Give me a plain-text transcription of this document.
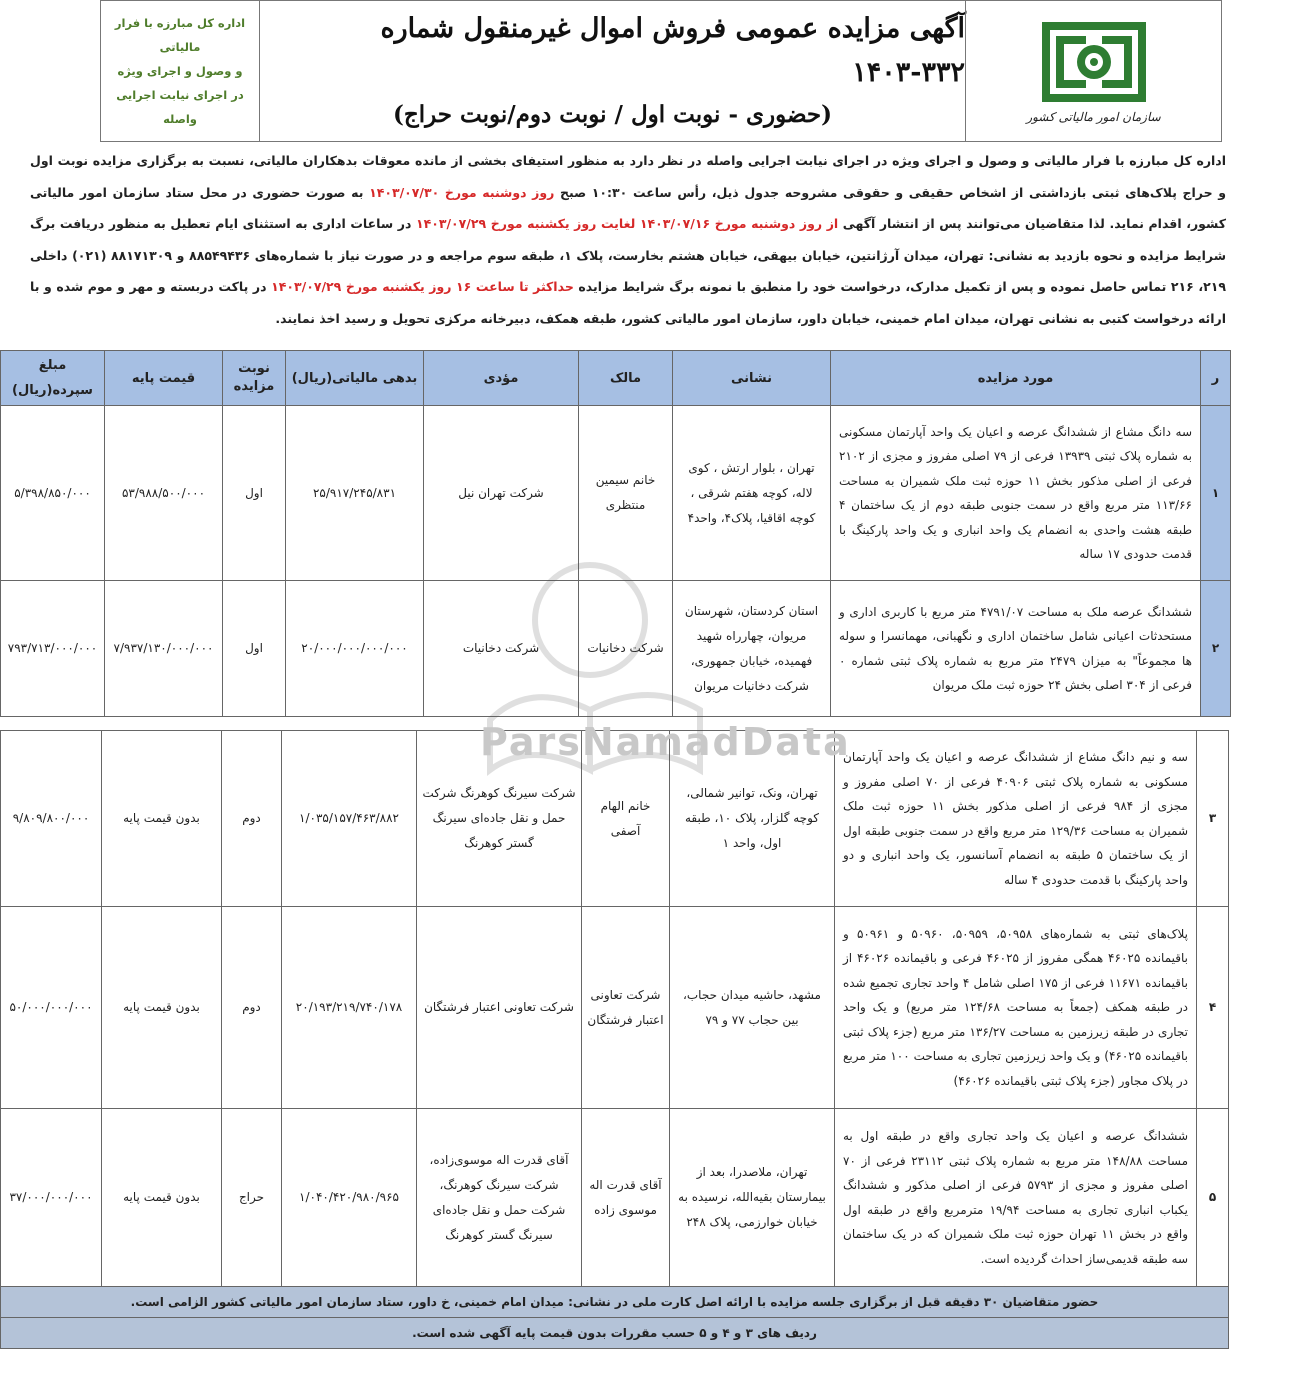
اداره کل مبارزه با فرار مالیاتی
و وصول و اجرای ویژه
در اجرای نیابت اجرایی واصله
آگهی مزایده عمومی فروش اموال غیرمنقول شماره ۳۳۲-۱۴۰۳
(حضوری - نوبت اول / نوبت دوم/نوبت حراج)	سازمان امور مالیاتی کشور
اداره کل مبارزه با فرار مالیاتی و وصول و اجرای ویژه در اجرای نیابت اجرایی واصله در نظر دارد به منظور استیفای بخشی از مانده معوقات بدهکاران مالیاتی، نسبت به برگزاری مزایده نوبت اول و حراج پلاک‌های ثبتی بازداشتی از اشخاص حقیقی و حقوقی مشروحه جدول ذیل، رأس ساعت ۱۰:۳۰ صبح روز دوشنبه مورخ ۱۴۰۳/۰۷/۳۰ به صورت حضوری در محل ستاد سازمان امور مالیاتی کشور، اقدام نماید. لذا متقاضیان می‌توانند پس از انتشار آگهی از روز دوشنبه مورخ ۱۴۰۳/۰۷/۱۶ لغایت روز یکشنبه مورخ ۱۴۰۳/۰۷/۲۹ در ساعات اداری به استثنای ایام تعطیل به منظور دریافت برگ شرایط مزایده و نحوه بازدید به نشانی: تهران، میدان آرژانتین، خیابان بیهقی، خیابان هشتم بخارست، پلاک ۱، طبقه سوم مراجعه و در صورت نیاز با شماره‌های ۸۸۵۴۹۴۳۶ و ۸۸۱۷۱۳۰۹ (۰۲۱) داخلی ۲۱۹، ۲۱۶ تماس حاصل نموده و پس از تکمیل مدارک، درخواست خود را منطبق با نمونه برگ شرایط مزایده حداکثر تا ساعت ۱۶ روز یکشنبه مورخ ۱۴۰۳/۰۷/۲۹ در پاکت دربسته و مهر و موم شده و با ارائه درخواست کتبی به نشانی تهران، میدان امام خمینی، خیابان داور، سازمان امور مالیاتی کشور، طبقه همکف، دبیرخانه مرکزی تحویل و رسید اخذ نمایند.
ر	مورد مزایده	نشانی	مالک	مؤدی	بدهی مالیاتی(ریال)	نوبت مزایده	قیمت پایه	مبلغ سپرده(ریال)
۱	سه دانگ مشاع از ششدانگ عرصه و اعیان یک واحد آپارتمان مسکونی به شماره پلاک ثبتی ۱۳۹۳۹ فرعی از ۷۹ اصلی مفروز و مجزی از ۲۱۰۲ فرعی از اصلی مذکور بخش ۱۱ حوزه ثبت ملک شمیران به مساحت ۱۱۳/۶۶ متر مربع واقع در سمت جنوبی طبقه دوم از یک ساختمان ۴ طبقه هشت واحدی به انضمام یک واحد انباری و یک واحد پارکینگ با قدمت حدودی ۱۷ ساله	تهران ، بلوار ارتش ، کوی لاله، کوچه هفتم شرقی ، کوچه اقاقیا، پلاک۴، واحد۴	خانم سیمین منتظری	شرکت تهران نیل	۲۵/۹۱۷/۲۴۵/۸۳۱	اول	۵۳/۹۸۸/۵۰۰/۰۰۰	۵/۳۹۸/۸۵۰/۰۰۰
۲	ششدانگ عرصه ملک به مساحت ۴۷۹۱/۰۷ متر مربع با کاربری اداری و مستحدثات اعیانی شامل ساختمان اداری و نگهبانی، مهمانسرا و سوله ها مجموعاً" به میزان ۲۴۷۹ متر مربع به شماره پلاک ثبتی شماره ۰ فرعی از ۳۰۴ اصلی بخش ۲۴ حوزه ثبت ملک مریوان	استان کردستان، شهرستان مریوان، چهارراه شهید فهمیده، خیابان جمهوری، شرکت دخانیات مریوان	شرکت دخانیات	شرکت دخانیات	۲۰/۰۰۰/۰۰۰/۰۰۰/۰۰۰	اول	۷/۹۳۷/۱۳۰/۰۰۰/۰۰۰	۷۹۳/۷۱۳/۰۰۰/۰۰۰
۳	سه و نیم دانگ مشاع از ششدانگ عرصه و اعیان یک واحد آپارتمان مسکونی به شماره پلاک ثبتی ۴۰۹۰۶ فرعی از ۷۰ اصلی مفروز و مجزی از ۹۸۴ فرعی از اصلی مذکور بخش ۱۱ حوزه ثبت ملک شمیران به مساحت ۱۲۹/۳۶ متر مربع واقع در سمت جنوبی طبقه اول از یک ساختمان ۵ طبقه به انضمام آسانسور، یک واحد انباری و دو واحد پارکینگ با قدمت حدودی ۴ ساله	تهران، ونک، توانیر شمالی، کوچه گلزار، پلاک ۱۰، طبقه اول، واحد ۱	خانم الهام آصفی	شرکت سیرنگ کوهرنگ شرکت حمل و نقل جاده‌ای سیرنگ گستر کوهرنگ	۱/۰۳۵/۱۵۷/۴۶۳/۸۸۲	دوم	بدون قیمت پایه	۹/۸۰۹/۸۰۰/۰۰۰
۴	پلاک‌های ثبتی به شماره‌های ۵۰۹۵۸، ۵۰۹۵۹، ۵۰۹۶۰ و ۵۰۹۶۱ و باقیمانده ۴۶۰۲۵ همگی مفروز از ۴۶۰۲۵ فرعی و باقیمانده ۴۶۰۲۶ از باقیمانده ۱۱۶۷۱ فرعی از ۱۷۵ اصلی شامل ۴ واحد تجاری تجمیع شده در طبقه همکف (جمعاً به مساحت ۱۲۴/۶۸ متر مربع) و یک واحد تجاری در طبقه زیرزمین به مساحت ۱۳۶/۲۷ متر مربع (جزء پلاک ثبتی باقیمانده ۴۶۰۲۵) و یک واحد زیرزمین تجاری به مساحت ۱۰۰ متر مربع در پلاک مجاور (جزء پلاک ثبتی باقیمانده ۴۶۰۲۶)	مشهد، حاشیه میدان حجاب، بین حجاب ۷۷ و ۷۹	شرکت تعاونی اعتبار فرشتگان	شرکت تعاونی اعتبار فرشتگان	۲۰/۱۹۳/۲۱۹/۷۴۰/۱۷۸	دوم	بدون قیمت پایه	۵۰/۰۰۰/۰۰۰/۰۰۰
۵	ششدانگ عرصه و اعیان یک واحد تجاری واقع در طبقه اول به مساحت ۱۴۸/۸۸ متر مربع به شماره پلاک ثبتی ۲۳۱۱۲ فرعی از ۷۰ اصلی مفروز و مجزی از ۵۷۹۳ فرعی از اصلی مذکور و ششدانگ یکباب انباری تجاری به مساحت ۱۹/۹۴ مترمربع واقع در طبقه اول واقع در بخش ۱۱ تهران حوزه ثبت ملک شمیران که در یک ساختمان سه طبقه قدیمی‌ساز احداث گردیده است.	تهران، ملاصدرا، بعد از بیمارستان بقیه‌الله، نرسیده به خیابان خوارزمی، پلاک ۲۴۸	آقای قدرت اله موسوی زاده	آقای قدرت اله موسوی‌زاده، شرکت سیرنگ کوهرنگ، شرکت حمل و نقل جاده‌ای سیرنگ گستر کوهرنگ	۱/۰۴۰/۴۲۰/۹۸۰/۹۶۵	حراج	بدون قیمت پایه	۳۷/۰۰۰/۰۰۰/۰۰۰
حضور متقاضیان ۳۰ دقیقه قبل از برگزاری جلسه مزایده با ارائه اصل کارت ملی در نشانی: میدان امام خمینی، خ داور، ستاد سازمان امور مالیاتی کشور الزامی است.								
ردیف های ۳ و ۴ و ۵ حسب مقررات بدون قیمت پایه آگهی شده است.								
ParsNamadData
